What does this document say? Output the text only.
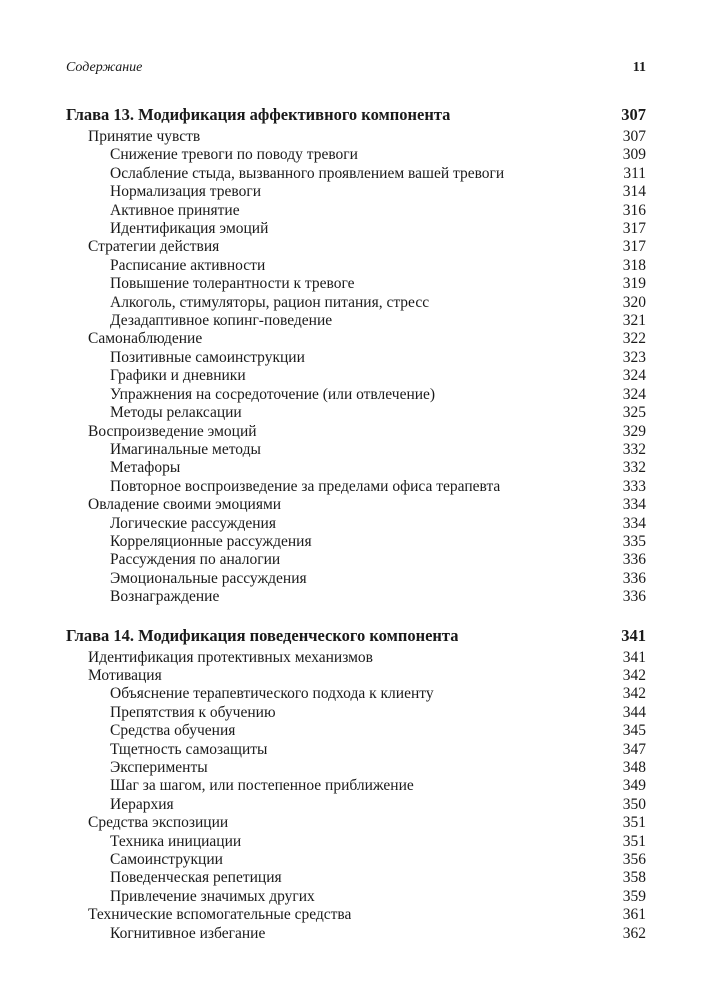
Содержание	11
Глава 13. Модификация аффективного компонента	307
Принятие чувств	307
Снижение тревоги по поводу тревоги	309
Ослабление стыда, вызванного проявлением вашей тревоги	311
Нормализация тревоги	314
Активное принятие	316
Идентификация эмоций	317
Стратегии действия	317
Расписание активности	318
Повышение толерантности к тревоге	319
Алкоголь, стимуляторы, рацион питания, стресс	320
Дезадаптивное копинг-поведение	321
Самонаблюдение	322
Позитивные самоинструкции	323
Графики и дневники	324
Упражнения на сосредоточение (или отвлечение)	324
Методы релаксации	325
Воспроизведение эмоций	329
Имагинальные методы	332
Метафоры	332
Повторное воспроизведение за пределами офиса терапевта	333
Овладение своими эмоциями	334
Логические рассуждения	334
Корреляционные рассуждения	335
Рассуждения по аналогии	336
Эмоциональные рассуждения	336
Вознаграждение	336
Глава 14. Модификация поведенческого компонента	341
Идентификация протективных механизмов	341
Мотивация	342
Объяснение терапевтического подхода к клиенту	342
Препятствия к обучению	344
Средства обучения	345
Тщетность самозащиты	347
Эксперименты	348
Шаг за шагом, или постепенное приближение	349
Иерархия	350
Средства экспозиции	351
Техника инициации	351
Самоинструкции	356
Поведенческая репетиция	358
Привлечение значимых других	359
Технические вспомогательные средства	361
Когнитивное избегание	362
